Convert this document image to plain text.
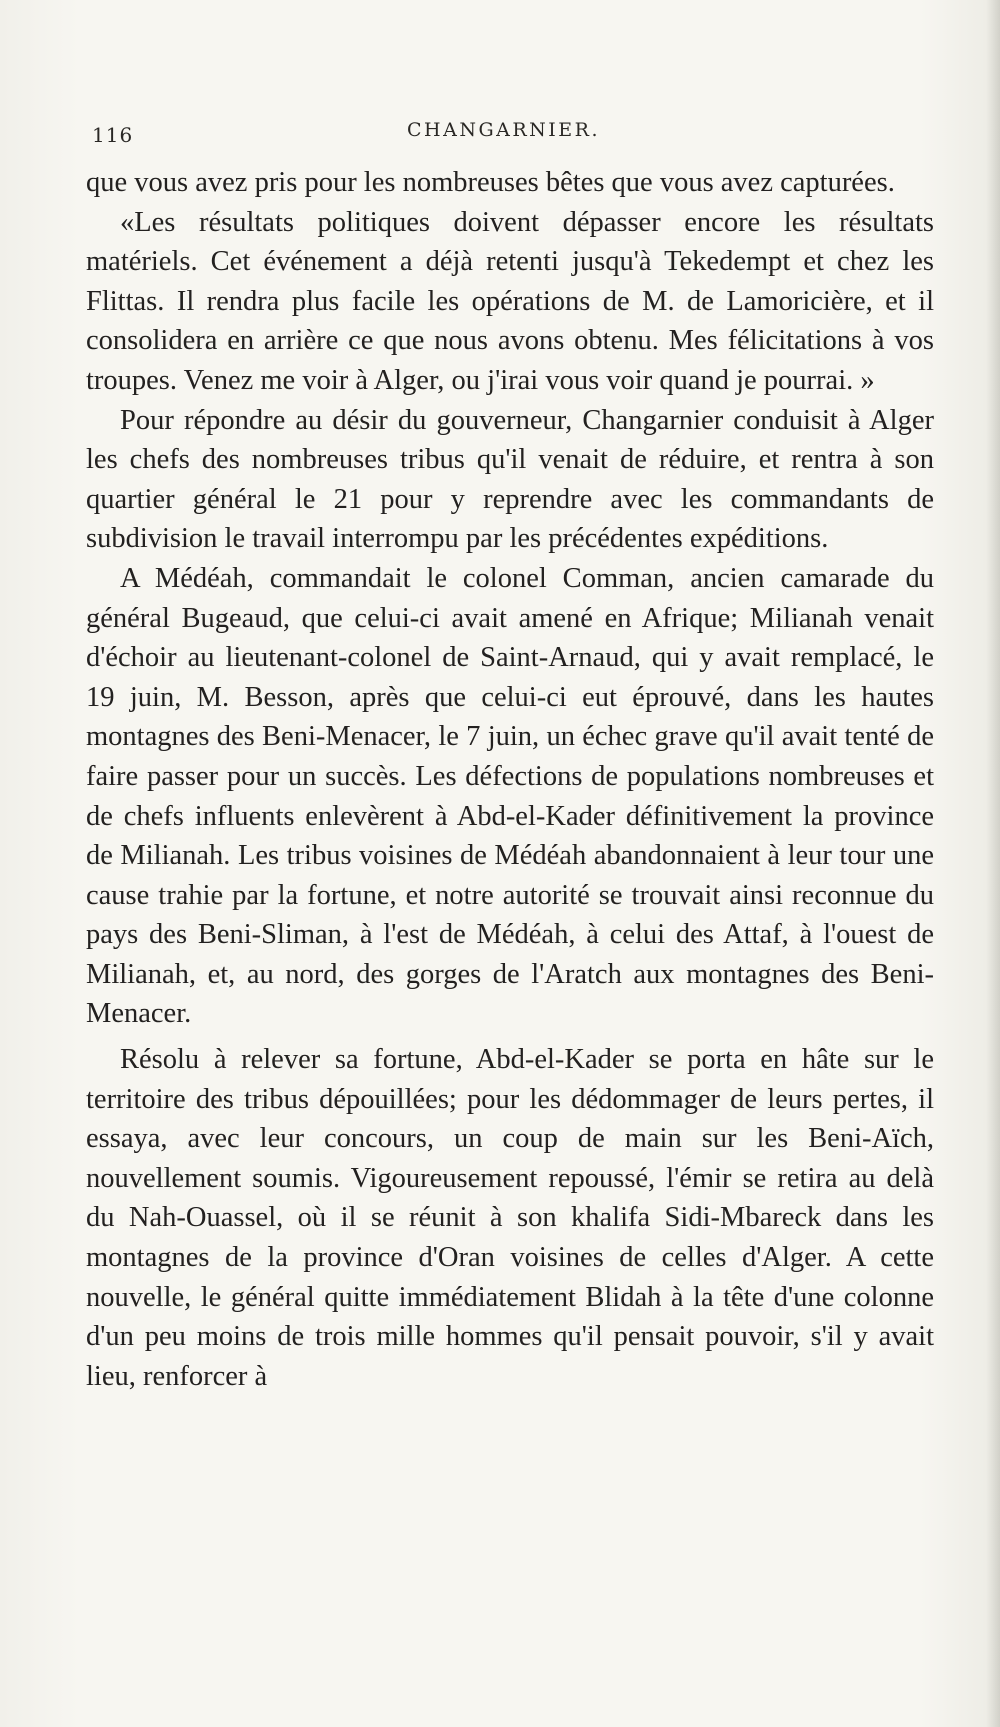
116	CHANGARNIER.

que vous avez pris pour les nombreuses bêtes que vous avez capturées.

«Les résultats politiques doivent dépasser encore les résultats matériels. Cet événement a déjà retenti jusqu'à Tekedempt et chez les Flittas. Il rendra plus facile les opérations de M. de Lamoricière, et il consolidera en arrière ce que nous avons obtenu. Mes félicitations à vos troupes. Venez me voir à Alger, ou j'irai vous voir quand je pourrai. »

Pour répondre au désir du gouverneur, Changarnier conduisit à Alger les chefs des nombreuses tribus qu'il venait de réduire, et rentra à son quartier général le 21 pour y reprendre avec les commandants de subdivision le travail interrompu par les précédentes expéditions.

A Médéah, commandait le colonel Comman, ancien camarade du général Bugeaud, que celui-ci avait amené en Afrique; Milianah venait d'échoir au lieutenant-colonel de Saint-Arnaud, qui y avait remplacé, le 19 juin, M. Besson, après que celui-ci eut éprouvé, dans les hautes montagnes des Beni-Menacer, le 7 juin, un échec grave qu'il avait tenté de faire passer pour un succès. Les défections de populations nombreuses et de chefs influents enlevèrent à Abd-el-Kader définitivement la province de Milianah. Les tribus voisines de Médéah abandonnaient à leur tour une cause trahie par la fortune, et notre autorité se trouvait ainsi reconnue du pays des Beni-Sliman, à l'est de Médéah, à celui des Attaf, à l'ouest de Milianah, et, au nord, des gorges de l'Aratch aux montagnes des Beni-Menacer.

Résolu à relever sa fortune, Abd-el-Kader se porta en hâte sur le territoire des tribus dépouillées; pour les dédommager de leurs pertes, il essaya, avec leur concours, un coup de main sur les Beni-Aïch, nouvellement soumis. Vigoureusement repoussé, l'émir se retira au delà du Nah-Ouassel, où il se réunit à son khalifa Sidi-Mbareck dans les montagnes de la province d'Oran voisines de celles d'Alger. A cette nouvelle, le général quitte immédiatement Blidah à la tête d'une colonne d'un peu moins de trois mille hommes qu'il pensait pouvoir, s'il y avait lieu, renforcer à
